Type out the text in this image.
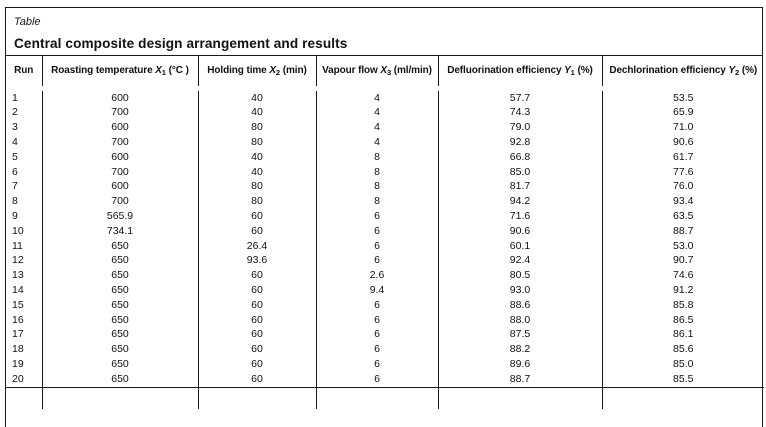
Table
Central composite design arrangement and results
Run	Roasting temperature $X_1$ (°C )	Holding time $X_2$ (min)	Vapour flow $X_3$ (ml/min)	Defluorination efficiency $Y_1$ (%)	Dechlorination efficiency $Y_2$ (%)
1	600	40	4	57.7	53.5
2	700	40	4	74.3	65.9
3	600	80	4	79.0	71.0
4	700	80	4	92.8	90.6
5	600	40	8	66.8	61.7
6	700	40	8	85.0	77.6
7	600	80	8	81.7	76.0
8	700	80	8	94.2	93.4
9	565.9	60	6	71.6	63.5
10	734.1	60	6	90.6	88.7
11	650	26.4	6	60.1	53.0
12	650	93.6	6	92.4	90.7
13	650	60	2.6	80.5	74.6
14	650	60	9.4	93.0	91.2
15	650	60	6	88.6	85.8
16	650	60	6	88.0	86.5
17	650	60	6	87.5	86.1
18	650	60	6	88.2	85.6
19	650	60	6	89.6	85.0
20	650	60	6	88.7	85.5
